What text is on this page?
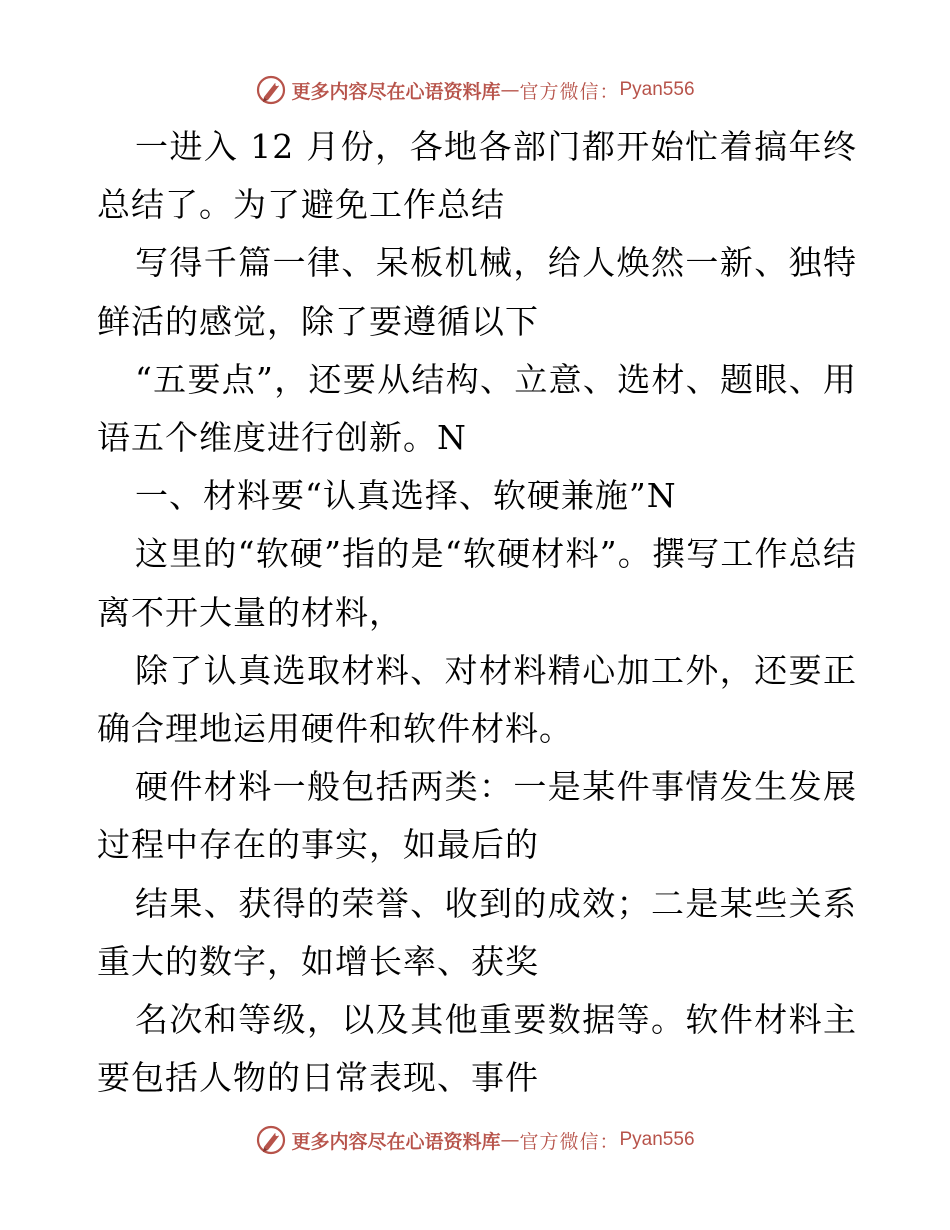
更多内容尽在心语资料库 — 官方微信： Pyan556

一进入 12 月份，各地各部门都开始忙着搞年终总结了。为了避免工作总结

写得千篇一律、呆板机械，给人焕然一新、独特鲜活的感觉，除了要遵循以下

“五要点”，还要从结构、立意、选材、题眼、用语五个维度进行创新。N

一、材料要“认真选择、软硬兼施”N

这里的“软硬”指的是“软硬材料”。撰写工作总结离不开大量的材料，

除了认真选取材料、对材料精心加工外，还要正确合理地运用硬件和软件材料。

硬件材料一般包括两类：一是某件事情发生发展过程中存在的事实，如最后的

结果、获得的荣誉、收到的成效；二是某些关系重大的数字，如增长率、获奖

名次和等级，以及其他重要数据等。软件材料主要包括人物的日常表现、事件

更多内容尽在心语资料库 — 官方微信： Pyan556
